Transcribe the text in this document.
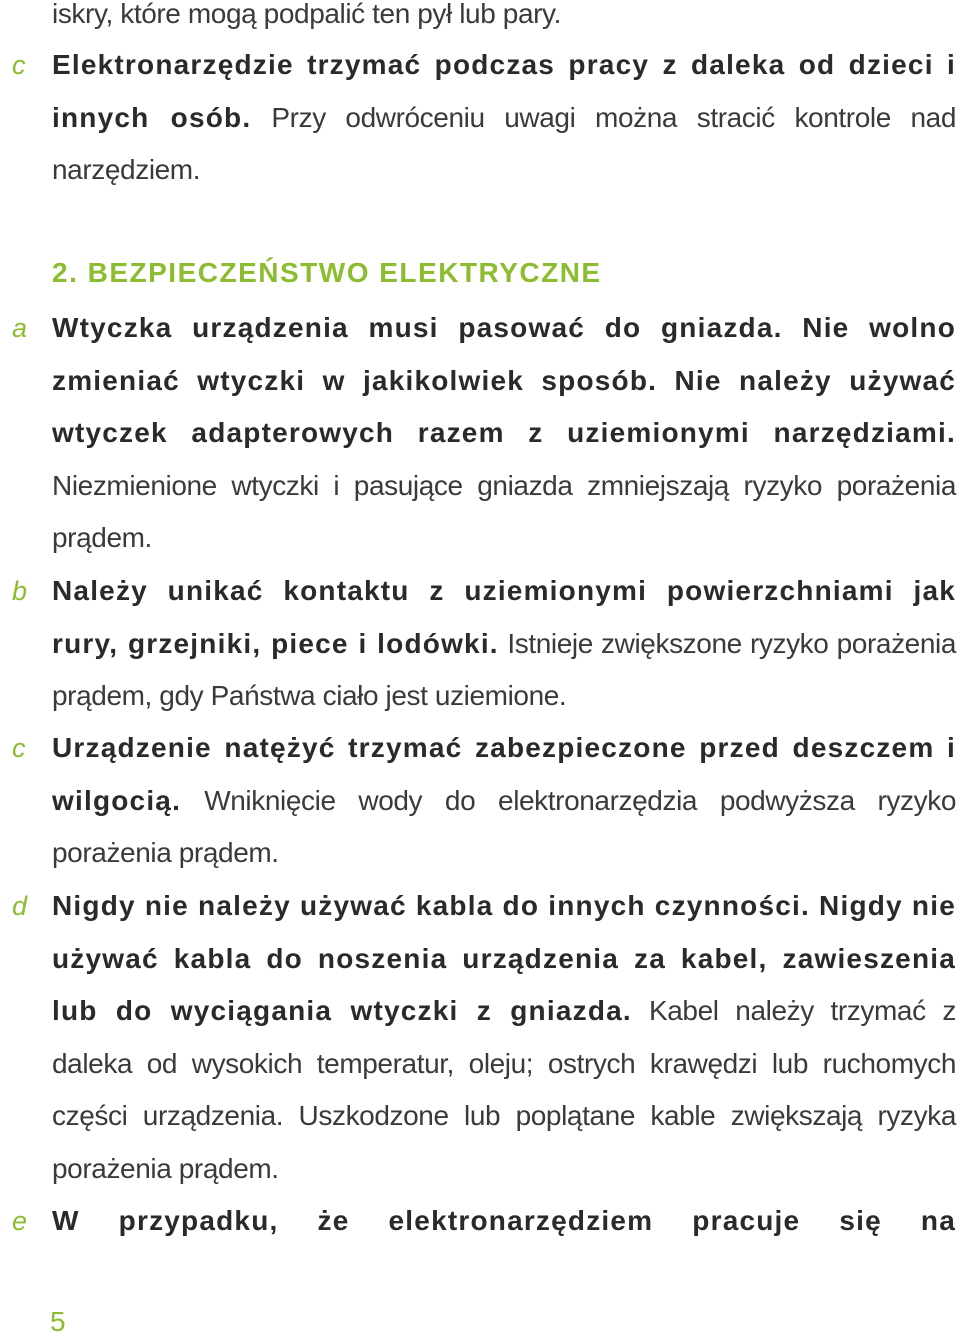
iskry, które mogą podpalić ten pył lub pary.
c Elektronarzędzie trzymać podczas pracy z daleka od dzieci i innych osób. Przy odwróceniu uwagi można stracić kontrole nad narzędziem.
2. BEZPIECZEŃSTWO ELEKTRYCZNE
a Wtyczka urządzenia musi pasować do gniazda. Nie wolno zmieniać wtyczki w jakikolwiek sposób. Nie należy używać wtyczek adapterowych razem z uziemionymi narzędziami. Niezmienione wtyczki i pasujące gniazda zmniejszają ryzyko porażenia prądem.
b Należy unikać kontaktu z uziemionymi powierzchniami jak rury, grzejniki, piece i lodówki. Istnieje zwiększone ryzyko porażenia prądem, gdy Państwa ciało jest uziemione.
c Urządzenie natężyć trzymać zabezpieczone przed deszczem i wilgocią. Wniknięcie wody do elektronarzędzia podwyższa ryzyko porażenia prądem.
d Nigdy nie należy używać kabla do innych czynności. Nigdy nie używać kabla do noszenia urządzenia za kabel, zawieszenia lub do wyciągania wtyczki z gniazda. Kabel należy trzymać z daleka od wysokich temperatur, oleju; ostrych krawędzi lub ruchomych części urządzenia. Uszkodzone lub poplątane kable zwiększają ryzyka porażenia prądem.
e W przypadku, że elektronarzędziem pracuje się na
5
